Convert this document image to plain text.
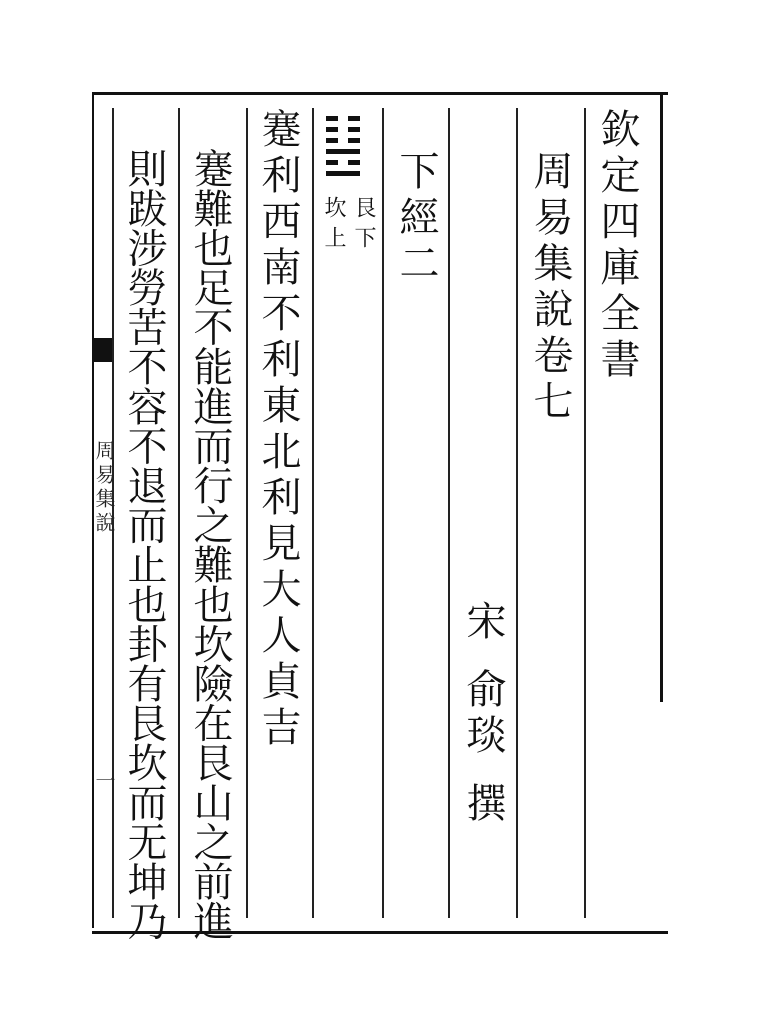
欽定四庫全書
周易集說卷七
宋
俞琰
撰
下經二
艮下
坎上
蹇利西南不利東北利見大人貞吉
蹇難也足不能進而行之難也坎險在艮山之前進
則跋涉勞苦不容不退而止也卦有艮坎而无坤乃
周易集說
一
